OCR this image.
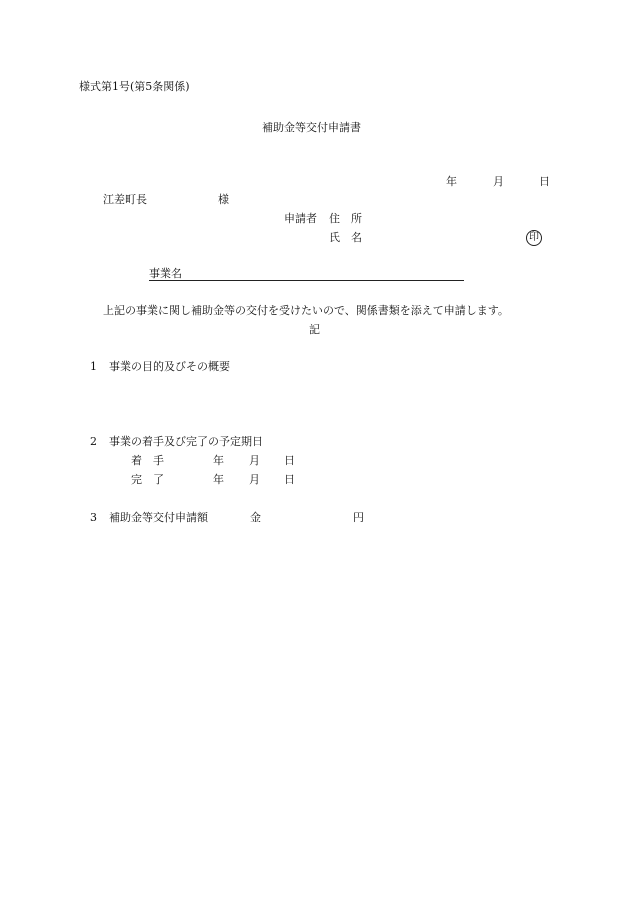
様式第1号(第5条関係)
補助金等交付申請書
年	月	日
江差町長	様
申請者 住　所
氏　名	印
事業名
上記の事業に関し補助金等の交付を受けたいので、関係書類を添えて申請します。
記
1 事業の目的及びその概要
2 事業の着手及び完了の予定期日
着　手	年 月 日
完　了	年 月 日
3 補助金等交付申請額	金	円
